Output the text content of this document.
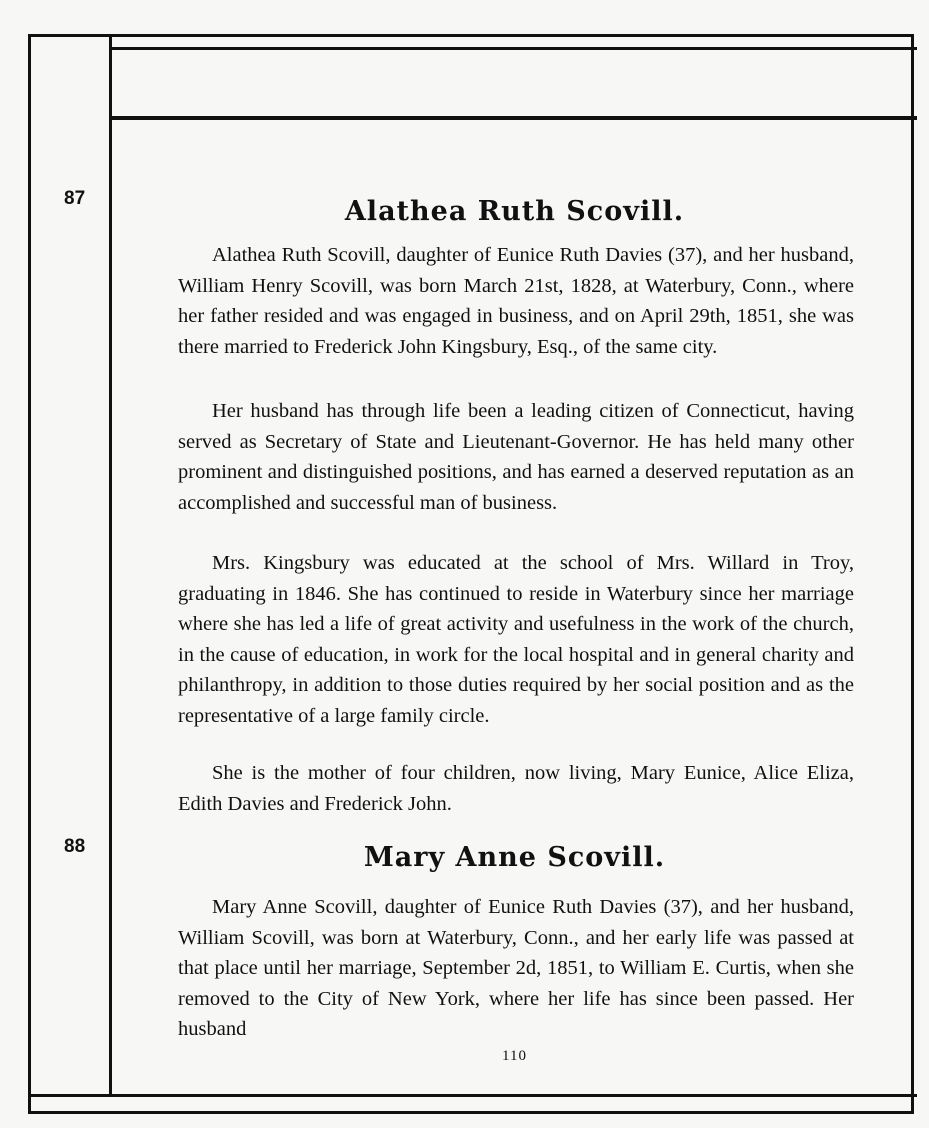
87	Alathea Ruth Scovill.

Alathea Ruth Scovill, daughter of Eunice Ruth Davies (37), and her husband, William Henry Scovill, was born March 21st, 1828, at Waterbury, Conn., where her father resided and was engaged in business, and on April 29th, 1851, she was there married to Frederick John Kingsbury, Esq., of the same city.

Her husband has through life been a leading citizen of Connecticut, having served as Secretary of State and Lieutenant-Governor. He has held many other prominent and distinguished positions, and has earned a deserved reputation as an accomplished and successful man of business.

Mrs. Kingsbury was educated at the school of Mrs. Willard in Troy, graduating in 1846. She has continued to reside in Waterbury since her marriage where she has led a life of great activity and usefulness in the work of the church, in the cause of education, in work for the local hospital and in general charity and philanthropy, in addition to those duties required by her social position and as the representative of a large family circle.

She is the mother of four children, now living, Mary Eunice, Alice Eliza, Edith Davies and Frederick John.

88	Mary Anne Scovill.

Mary Anne Scovill, daughter of Eunice Ruth Davies (37), and her husband, William Scovill, was born at Waterbury, Conn., and her early life was passed at that place until her marriage, September 2d, 1851, to William E. Curtis, when she removed to the City of New York, where her life has since been passed. Her husband

110
